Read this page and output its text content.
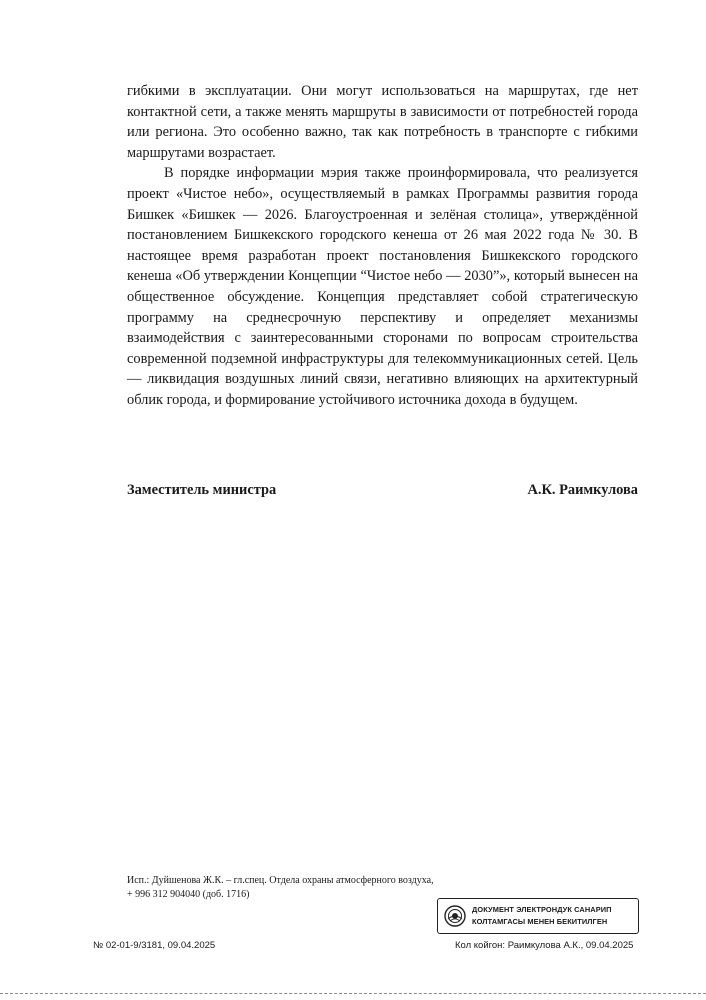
гибкими в эксплуатации. Они могут использоваться на маршрутах, где нет контактной сети, а также менять маршруты в зависимости от потребностей города или региона. Это особенно важно, так как потребность в транспорте с гибкими маршрутами возрастает.

В порядке информации мэрия также проинформировала, что реализуется проект «Чистое небо», осуществляемый в рамках Программы развития города Бишкек «Бишкек — 2026. Благоустроенная и зелёная столица», утверждённой постановлением Бишкекского городского кенеша от 26 мая 2022 года № 30. В настоящее время разработан проект постановления Бишкекского городского кенеша «Об утверждении Концепции “Чистое небо — 2030”», который вынесен на общественное обсуждение. Концепция представляет собой стратегическую программу на среднесрочную перспективу и определяет механизмы взаимодействия с заинтересованными сторонами по вопросам строительства современной подземной инфраструктуры для телекоммуникационных сетей. Цель — ликвидация воздушных линий связи, негативно влияющих на архитектурный облик города, и формирование устойчивого источника дохода в будущем.

Заместитель министра	А.К. Раимкулова
Исп.: Дуйшенова Ж.К. – гл.спец. Отдела охраны атмосферного воздуха,
+ 996 312 904040 (доб. 1716)
№ 02-01-9/3181, 09.04.2025
ДОКУМЕНТ ЭЛЕКТРОНДУК САНАРИП
КОЛТАМГАСЫ МЕНЕН БЕКИТИЛГЕН
Кол койгон: Раимкулова А.К., 09.04.2025
